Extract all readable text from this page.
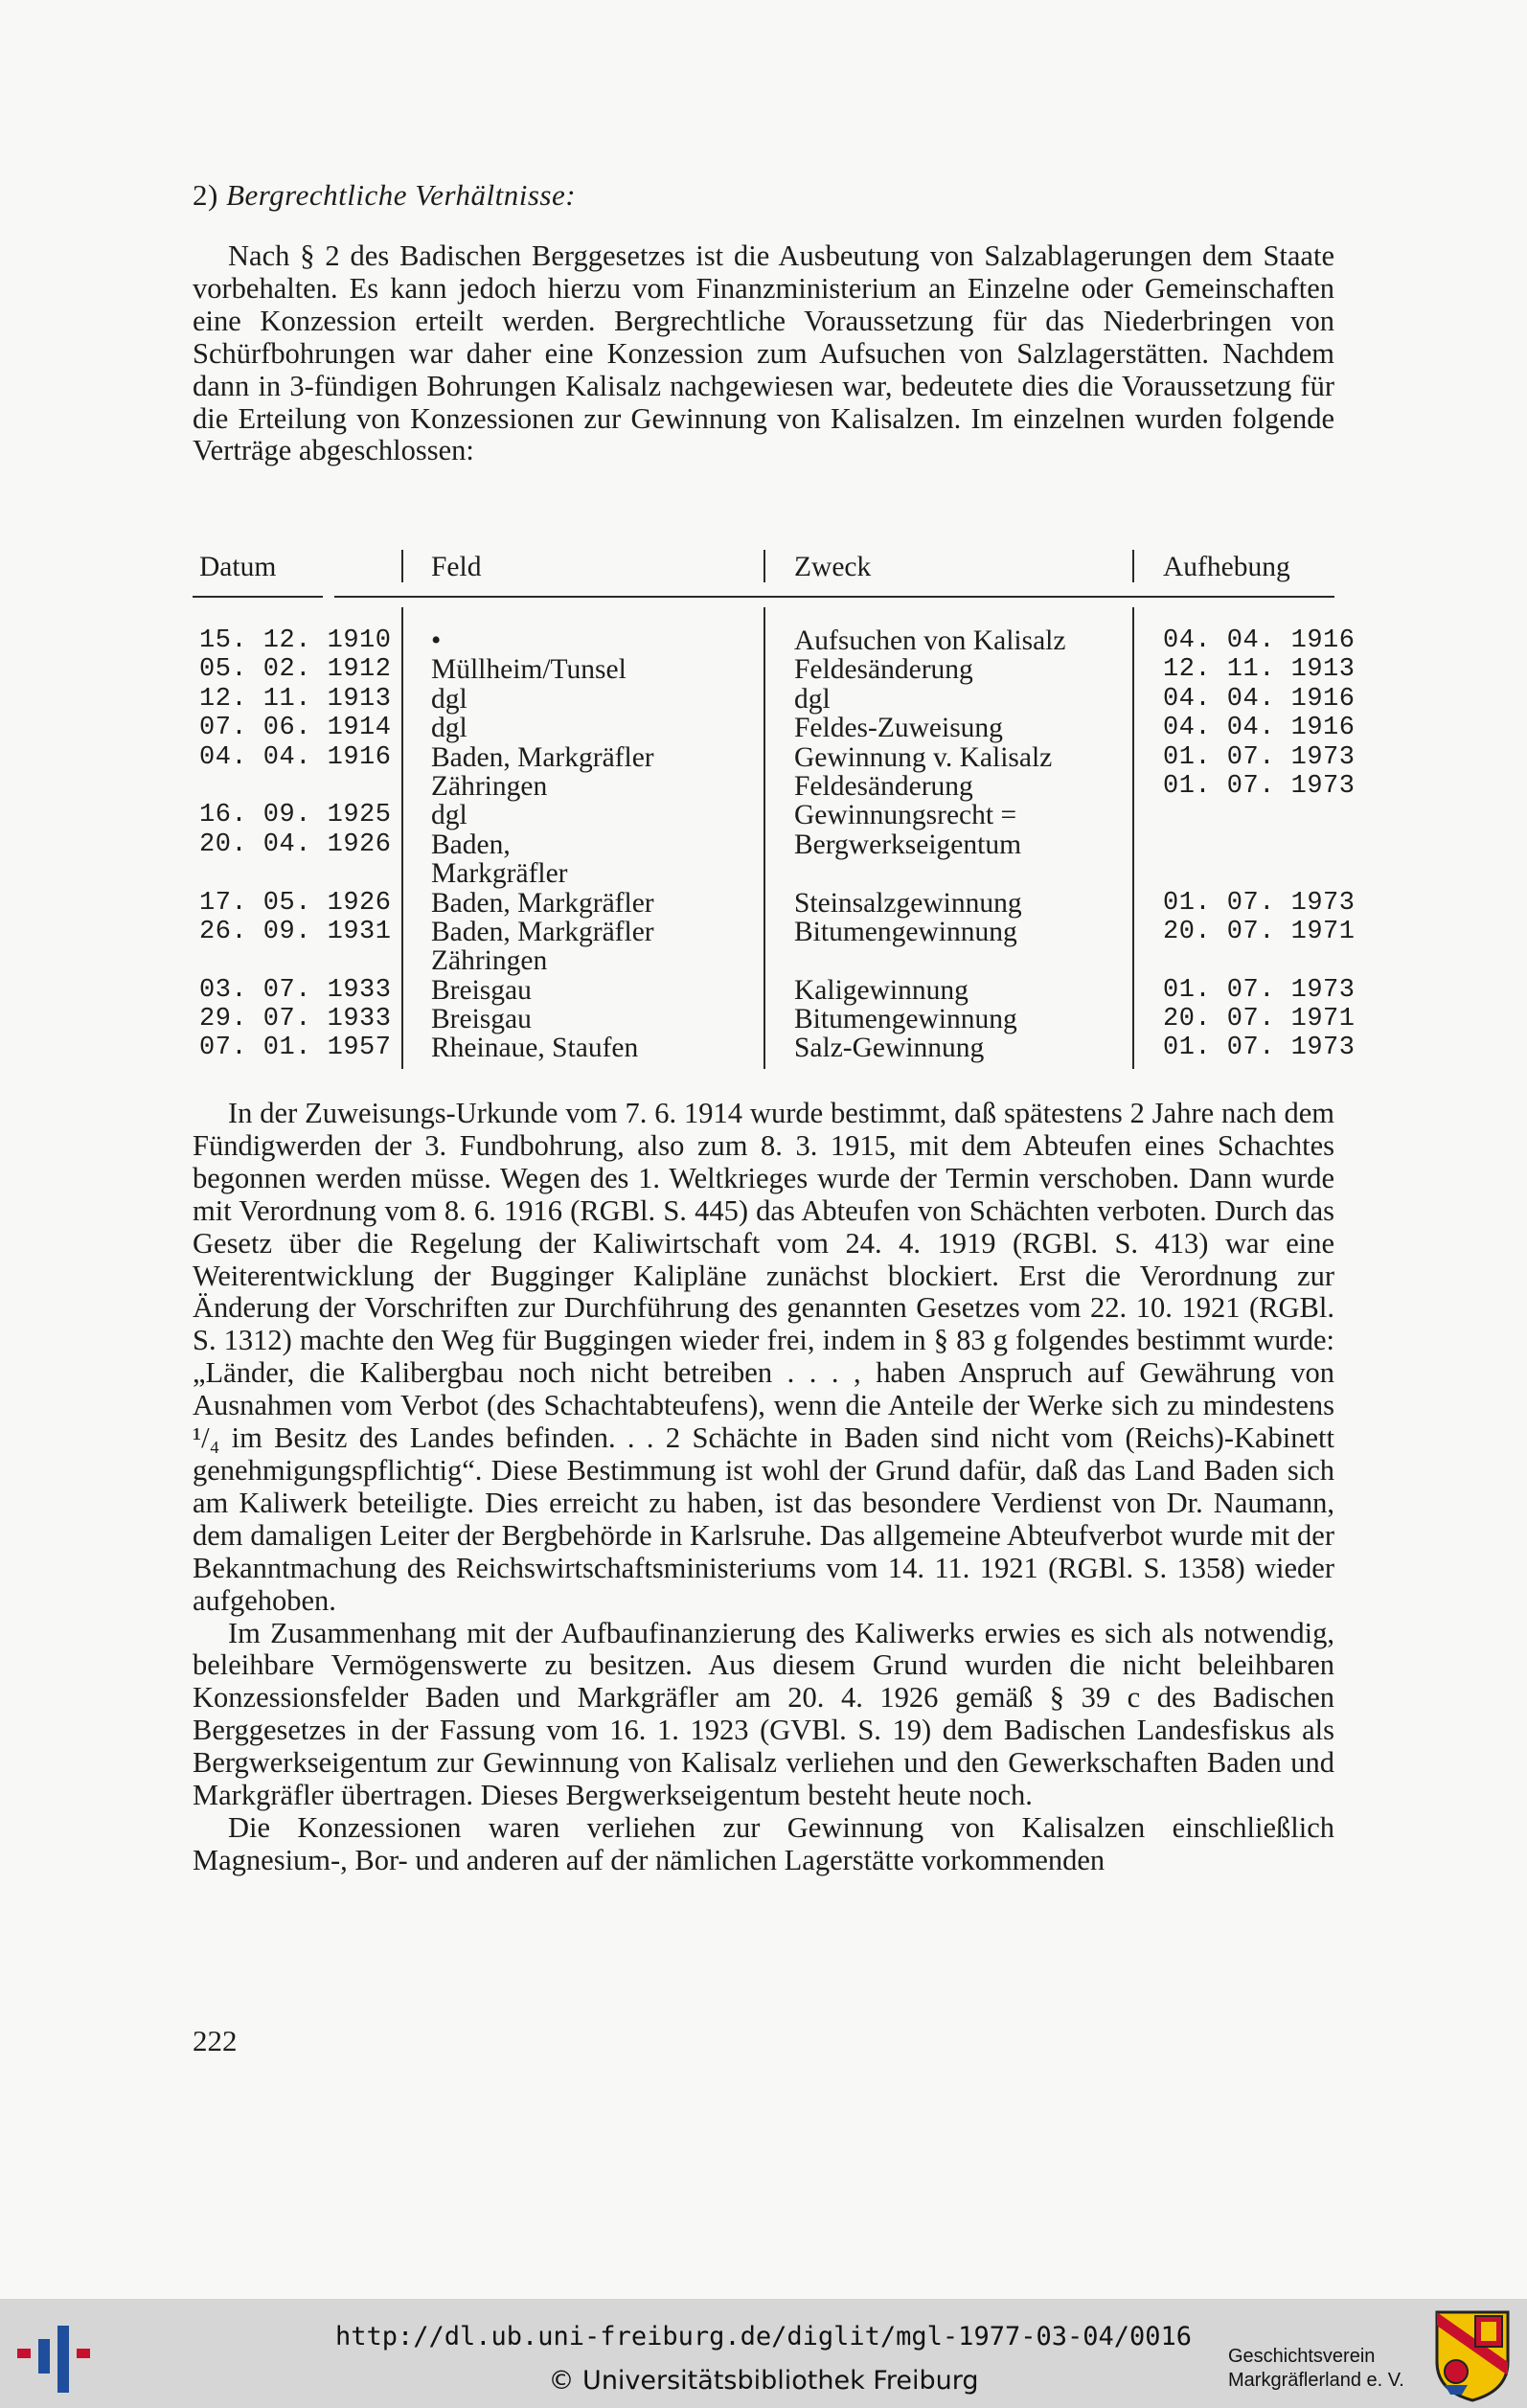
2) Bergrechtliche Verhältnisse:

Nach § 2 des Badischen Berggesetzes ist die Ausbeutung von Salzablagerungen dem Staate vorbehalten. Es kann jedoch hierzu vom Finanzministerium an Einzelne oder Gemeinschaften eine Konzession erteilt werden. Bergrechtliche Voraussetzung für das Niederbringen von Schürfbohrungen war daher eine Konzession zum Aufsuchen von Salzlagerstätten. Nachdem dann in 3-fündigen Bohrungen Kalisalz nachgewiesen war, bedeutete dies die Voraussetzung für die Erteilung von Konzessionen zur Gewinnung von Kalisalzen. Im einzelnen wurden folgende Verträge abgeschlossen:

Datum	Feld	Zweck	Aufhebung
15. 12. 1910 •	Aufsuchen von Kalisalz	04. 04. 1916
05. 02. 1912 Müllheim/Tunsel	Feldesänderung	12. 11. 1913
12. 11. 1913 dgl	dgl	04. 04. 1916
07. 06. 1914 dgl	Feldes-Zuweisung	04. 04. 1916
04. 04. 1916 Baden, Markgräfler	Gewinnung v. Kalisalz	01. 07. 1973
Zähringen	Feldesänderung	01. 07. 1973
16. 09. 1925 dgl	Gewinnungsrecht =
20. 04. 1926 Baden,	Bergwerkseigentum
Markgräfler
17. 05. 1926 Baden, Markgräfler	Steinsalzgewinnung	01. 07. 1973
26. 09. 1931 Baden, Markgräfler	Bitumengewinnung	20. 07. 1971
Zähringen
03. 07. 1933 Breisgau	Kaligewinnung	01. 07. 1973
29. 07. 1933 Breisgau	Bitumengewinnung	20. 07. 1971
07. 01. 1957 Rheinaue, Staufen	Salz-Gewinnung	01. 07. 1973

In der Zuweisungs-Urkunde vom 7. 6. 1914 wurde bestimmt, daß spätestens 2 Jahre nach dem Fündigwerden der 3. Fundbohrung, also zum 8. 3. 1915, mit dem Abteufen eines Schachtes begonnen werden müsse. Wegen des 1. Weltkrieges wurde der Termin verschoben. Dann wurde mit Verordnung vom 8. 6. 1916 (RGBl. S. 445) das Abteufen von Schächten verboten. Durch das Gesetz über die Regelung der Kaliwirtschaft vom 24. 4. 1919 (RGBl. S. 413) war eine Weiterentwicklung der Bugginger Kalipläne zunächst blockiert. Erst die Verordnung zur Änderung der Vorschriften zur Durchführung des genannten Gesetzes vom 22. 10. 1921 (RGBl. S. 1312) machte den Weg für Buggingen wieder frei, indem in § 83 g folgendes bestimmt wurde: „Länder, die Kalibergbau noch nicht betreiben . . . , haben Anspruch auf Gewährung von Ausnahmen vom Verbot (des Schachtabteufens), wenn die Anteile der Werke sich zu mindestens ¹/₄ im Besitz des Landes befinden. . . 2 Schächte in Baden sind nicht vom (Reichs)-Kabinett genehmigungspflichtig“. Diese Bestimmung ist wohl der Grund dafür, daß das Land Baden sich am Kaliwerk beteiligte. Dies erreicht zu haben, ist das besondere Verdienst von Dr. Naumann, dem damaligen Leiter der Bergbehörde in Karlsruhe. Das allgemeine Abteufverbot wurde mit der Bekanntmachung des Reichswirtschaftsministeriums vom 14. 11. 1921 (RGBl. S. 1358) wieder aufgehoben.

Im Zusammenhang mit der Aufbaufinanzierung des Kaliwerks erwies es sich als notwendig, beleihbare Vermögenswerte zu besitzen. Aus diesem Grund wurden die nicht beleihbaren Konzessionsfelder Baden und Markgräfler am 20. 4. 1926 gemäß § 39 c des Badischen Berggesetzes in der Fassung vom 16. 1. 1923 (GVBl. S. 19) dem Badischen Landesfiskus als Bergwerkseigentum zur Gewinnung von Kalisalz verliehen und den Gewerkschaften Baden und Markgräfler übertragen. Dieses Bergwerkseigentum besteht heute noch.

Die Konzessionen waren verliehen zur Gewinnung von Kalisalzen einschließlich Magnesium-, Bor- und anderen auf der nämlichen Lagerstätte vorkommenden

222
http://dl.ub.uni-freiburg.de/diglit/mgl-1977-03-04/0016
© Universitätsbibliothek Freiburg
Geschichtsverein
Markgräflerland e. V.
